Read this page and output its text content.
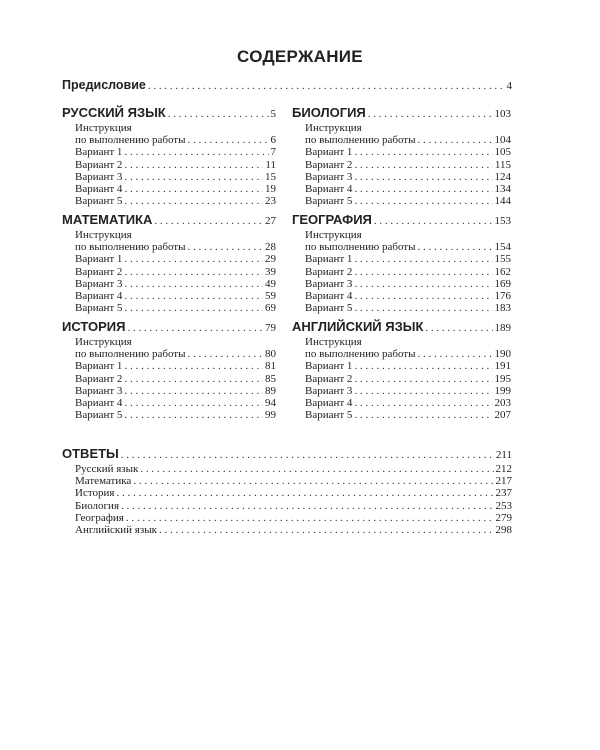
СОДЕРЖАНИЕ
Предисловие . . .	4
РУССКИЙ ЯЗЫК . . .	5
Инструкция
по выполнению работы . . .	6
Вариант 1 . . .	7
Вариант 2 . . .	11
Вариант 3 . . .	15
Вариант 4 . . .	19
Вариант 5 . . .	23
МАТЕМАТИКА . . .	27
Инструкция
по выполнению работы . . .	28
Вариант 1 . . .	29
Вариант 2 . . .	39
Вариант 3 . . .	49
Вариант 4 . . .	59
Вариант 5 . . .	69
ИСТОРИЯ . . .	79
Инструкция
по выполнению работы . . .	80
Вариант 1 . . .	81
Вариант 2 . . .	85
Вариант 3 . . .	89
Вариант 4 . . .	94
Вариант 5 . . .	99
БИОЛОГИЯ . . .	103
Инструкция
по выполнению работы . . .	104
Вариант 1 . . .	105
Вариант 2 . . .	115
Вариант 3 . . .	124
Вариант 4 . . .	134
Вариант 5 . . .	144
ГЕОГРАФИЯ . . .	153
Инструкция
по выполнению работы . . .	154
Вариант 1 . . .	155
Вариант 2 . . .	162
Вариант 3 . . .	169
Вариант 4 . . .	176
Вариант 5 . . .	183
АНГЛИЙСКИЙ ЯЗЫК . . .	189
Инструкция
по выполнению работы . . .	190
Вариант 1 . . .	191
Вариант 2 . . .	195
Вариант 3 . . .	199
Вариант 4 . . .	203
Вариант 5 . . .	207
ОТВЕТЫ . . .	211
Русский язык . . .	212
Математика . . .	217
История . . .	237
Биология . . .	253
География . . .	279
Английский язык . . .	298
